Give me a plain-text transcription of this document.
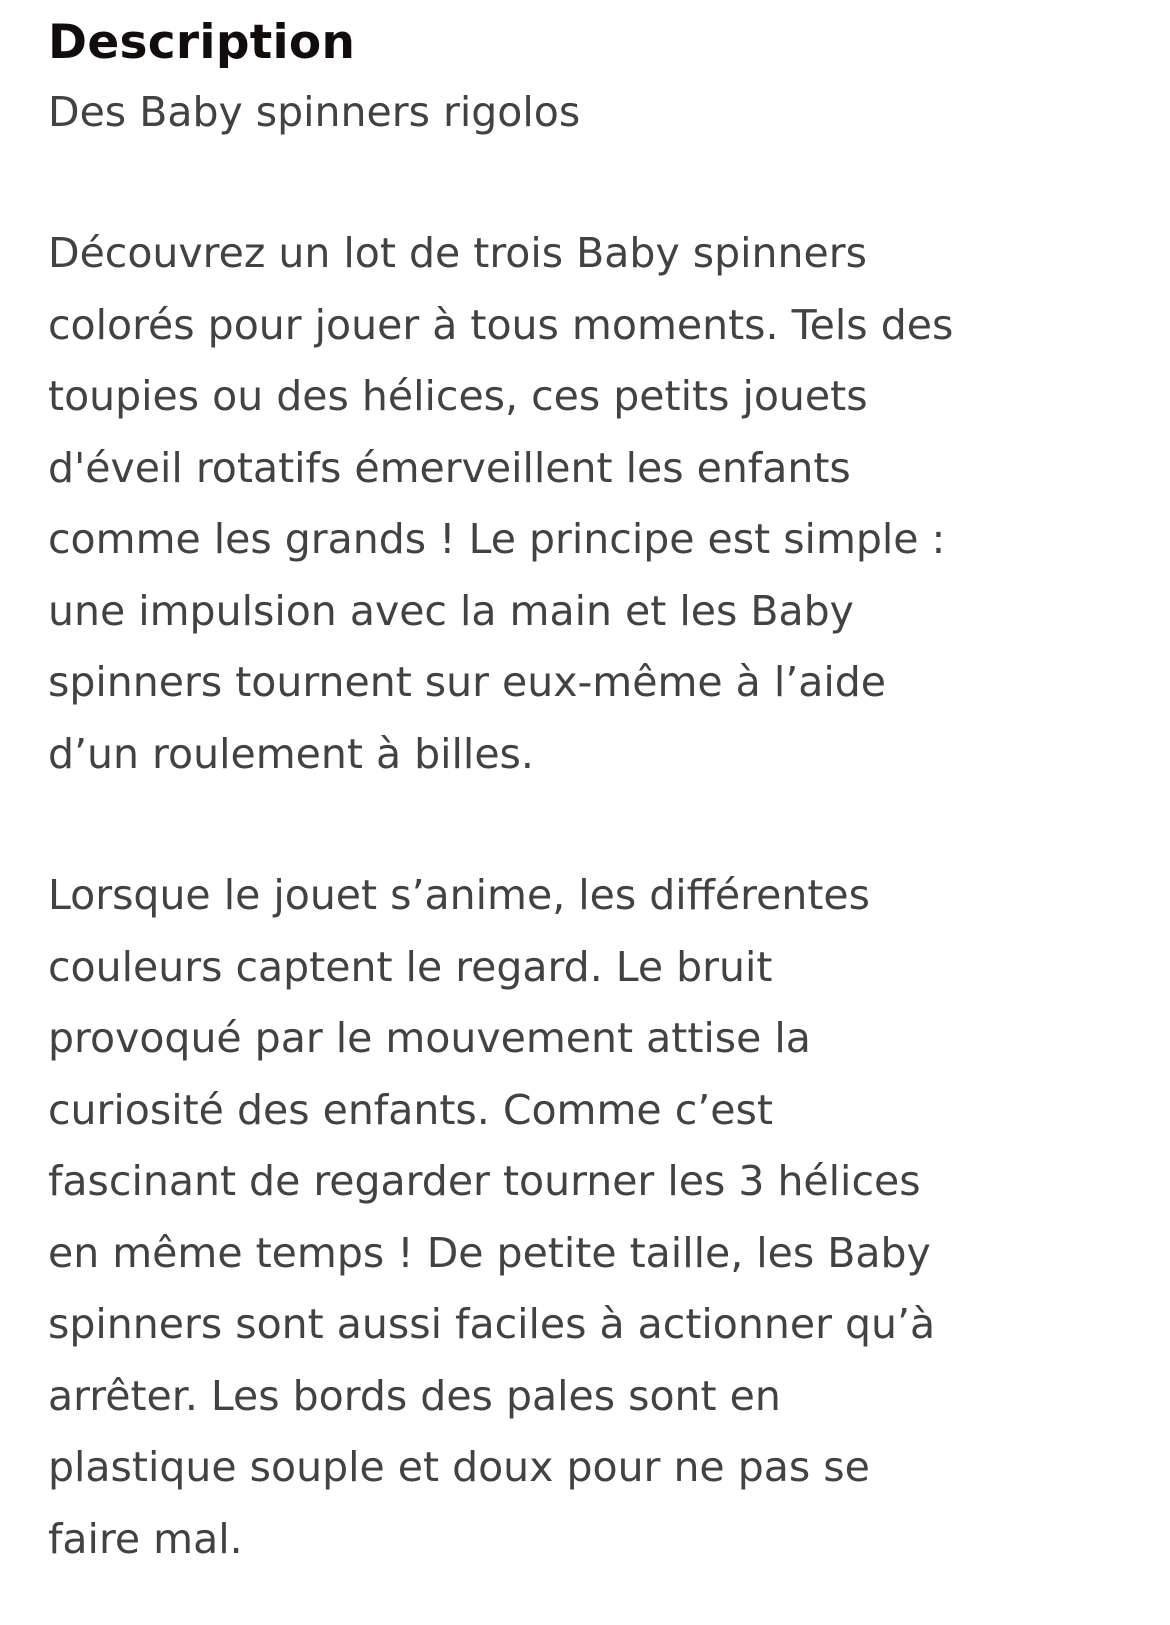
Description

Des Baby spinners rigolos

Découvrez un lot de trois Baby spinners
colorés pour jouer à tous moments. Tels des
toupies ou des hélices, ces petits jouets
d'éveil rotatifs émerveillent les enfants
comme les grands ! Le principe est simple :
une impulsion avec la main et les Baby
spinners tournent sur eux-même à l’aide
d’un roulement à billes.

Lorsque le jouet s’anime, les différentes
couleurs captent le regard. Le bruit
provoqué par le mouvement attise la
curiosité des enfants. Comme c’est
fascinant de regarder tourner les 3 hélices
en même temps ! De petite taille, les Baby
spinners sont aussi faciles à actionner qu’à
arrêter. Les bords des pales sont en
plastique souple et doux pour ne pas se
faire mal.
